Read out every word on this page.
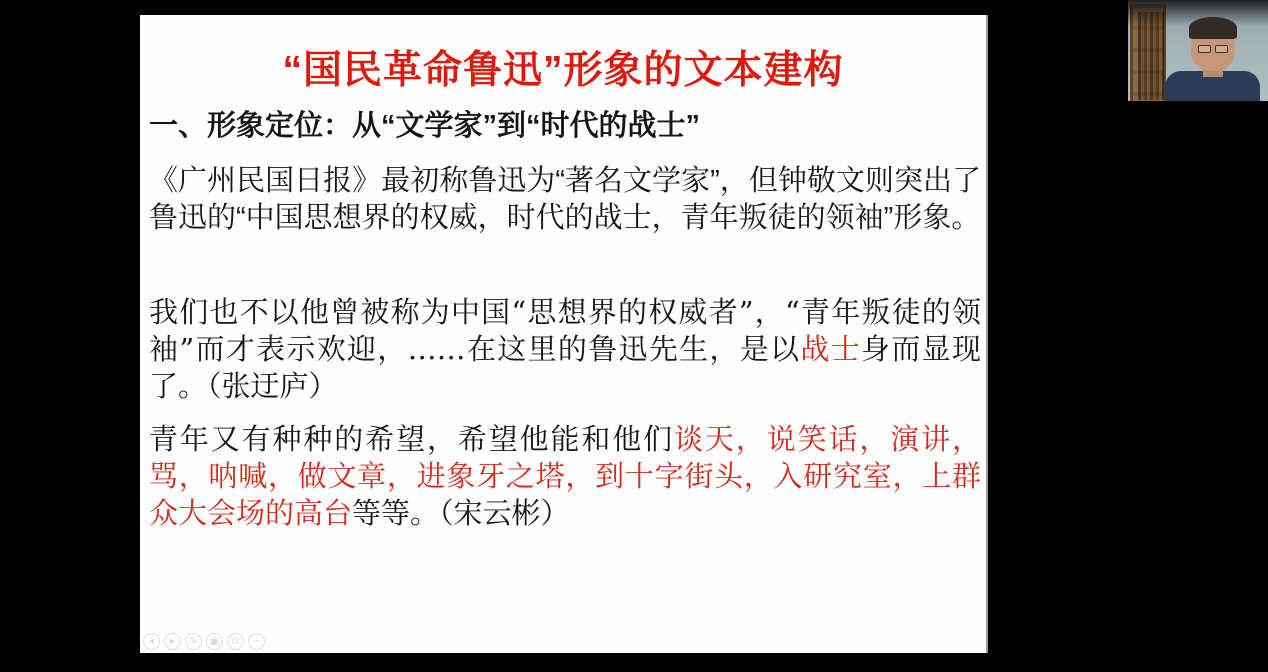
“国民革命鲁迅”形象的文本建构
一、形象定位：从“文学家”到“时代的战士”
《广州民国日报》最初称鲁迅为“著名文学家”，但钟敬文则突出了鲁迅的“中国思想界的权威，时代的战士，青年叛徒的领袖”形象。
我们也不以他曾被称为中国“思想界的权威者”，“青年叛徒的领袖”而才表示欢迎，……在这里的鲁迅先生，是以战士身而显现了。（张迂庐）
青年又有种种的希望，希望他能和他们谈天，说笑话，演讲，骂，呐喊，做文章，进象牙之塔，到十字街头，入研究室，上群众大会场的高台等等。（宋云彬）
◂	▸	✎	▣	⊙	−
